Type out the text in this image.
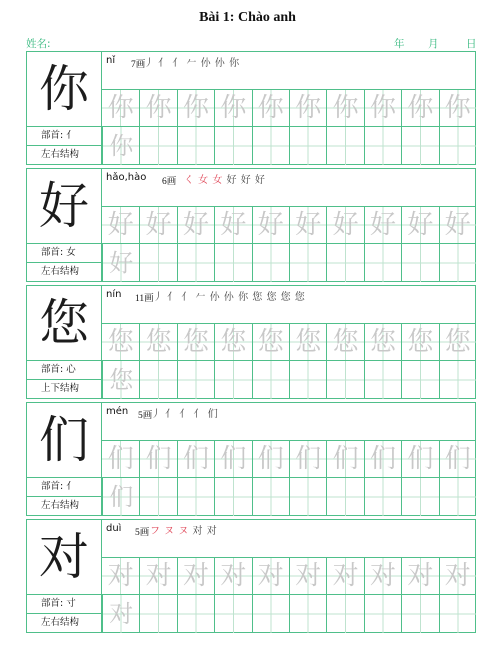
Bài 1: Chào anh
姓名:	年 月	日
你	nǐ 7画
丿 亻 亻 𠂉 仦 仦 你
你 你 你 你 你 你 你 你 你 你
你
部首: 亻
左右结构
好	hǎo,hào 6画 く 女 女 好 好 好
好 好 好 好 好 好 好 好 好 好
好
部首: 女
左右结构
您	nín 11画 丿 亻 亻 𠂉 仦 仦 你 您 您 您 您
您 您 您 您 您 您 您 您 您 您
您
部首: 心
上下结构
们	mén 5画
丿 亻 亻 亻 们
们 们 们 们 们 们 们 们 们 们
们
部首: 亻
左右结构
对	duì 5画 フ ヌ ヌ 对 对
对 对 对 对 对 对 对 对 对 对
对
部首: 寸
左右结构
